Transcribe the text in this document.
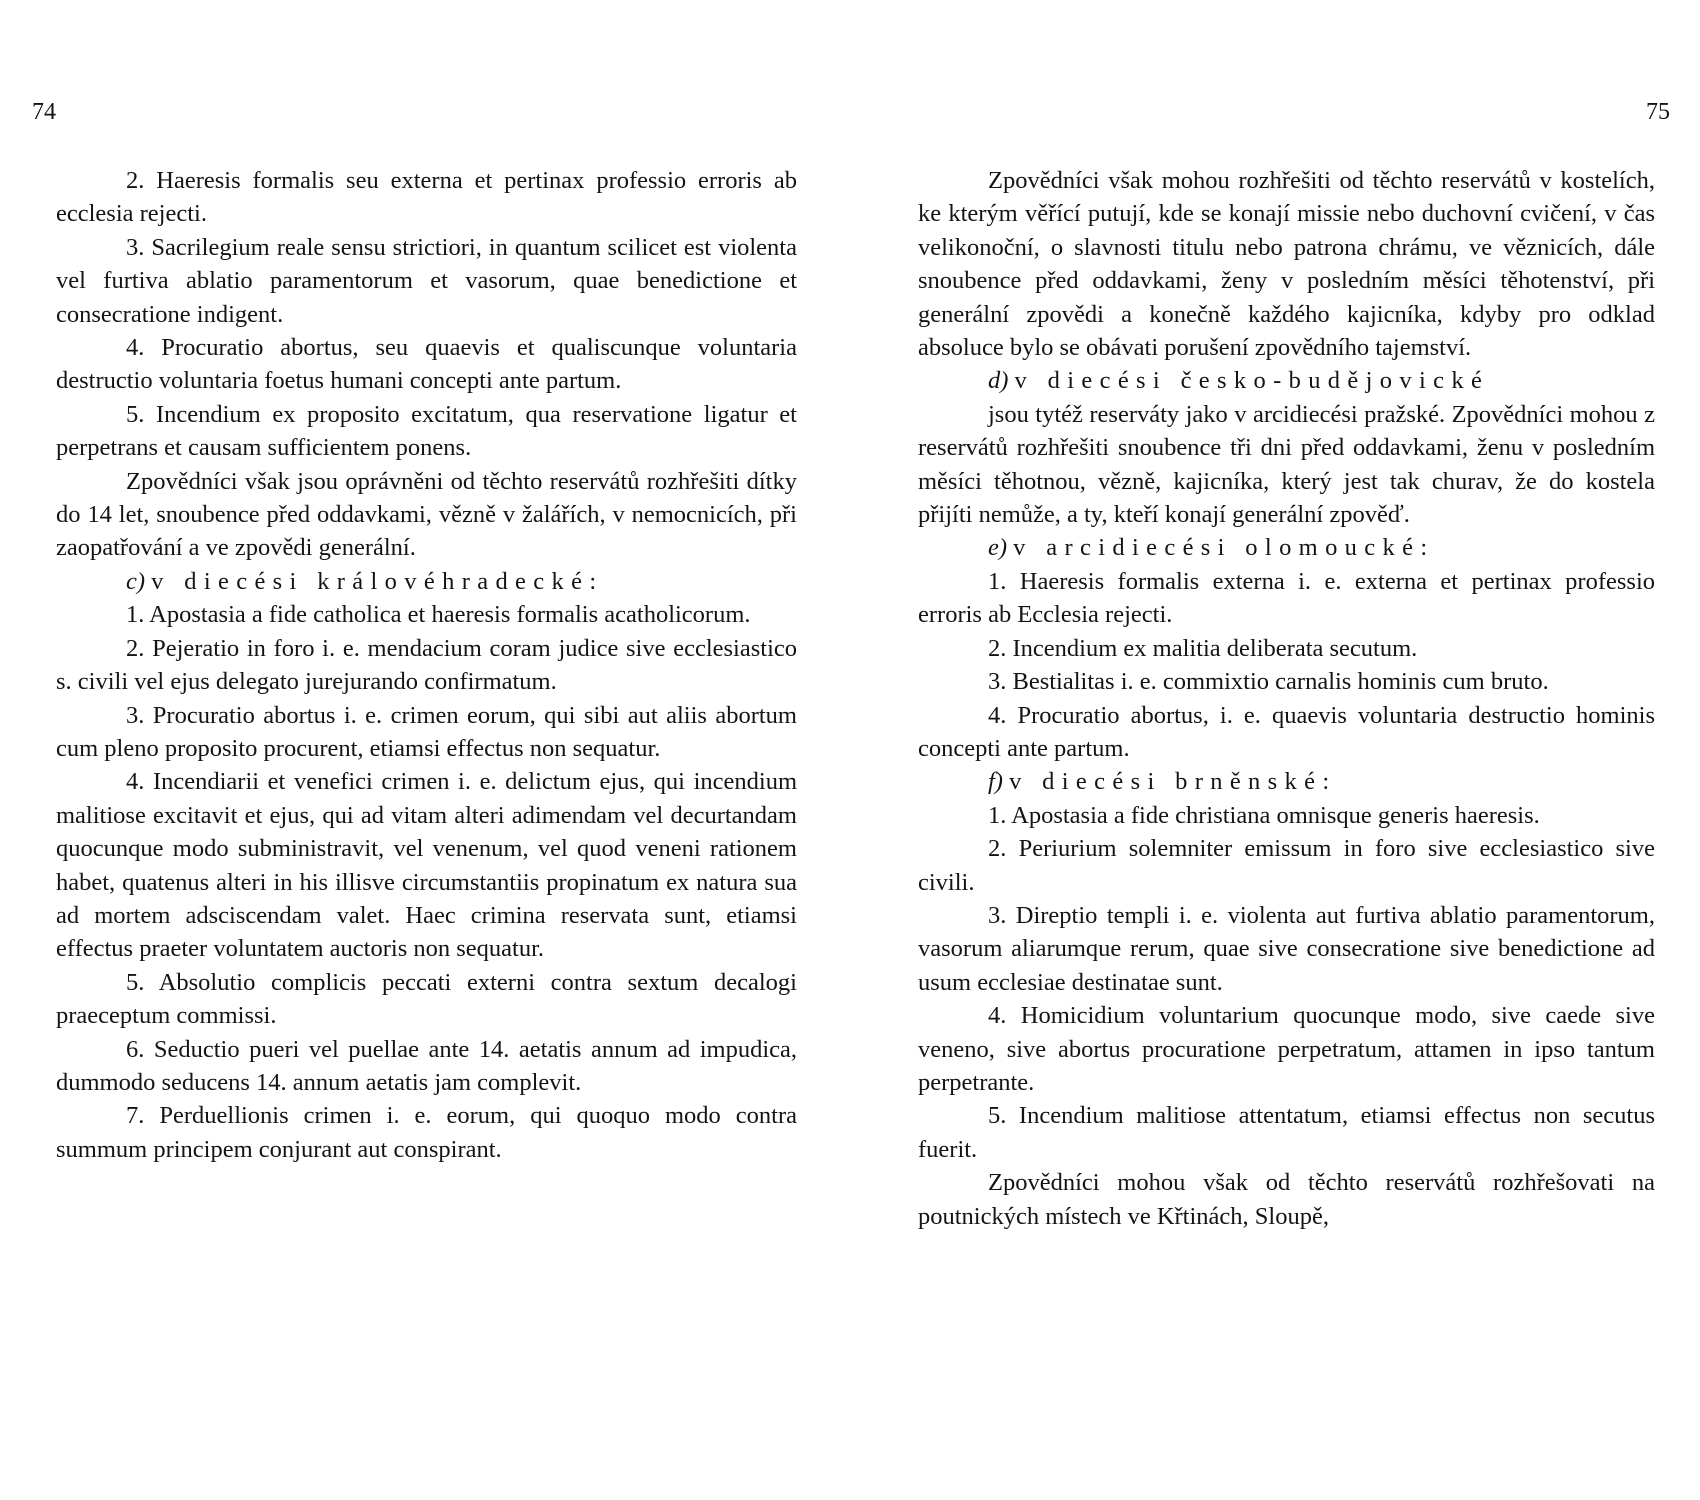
74

2. Haeresis formalis seu externa et pertinax professio erroris ab ecclesia rejecti.

3. Sacrilegium reale sensu strictiori, in quantum scilicet est violenta vel furtiva ablatio paramentorum et vasorum, quae benedictione et consecratione indigent.

4. Procuratio abortus, seu quaevis et qualiscunque voluntaria destructio voluntaria foetus humani concepti ante partum.

5. Incendium ex proposito excitatum, qua reservatione ligatur et perpetrans et causam sufficientem ponens.

Zpovědníci však jsou oprávněni od těchto reservátů rozhřešiti dítky do 14 let, snoubence před oddavkami, vězně v žalářích, v nemocnicích, při zaopatřování a ve zpovědi generální.

c) v diecési královéhradecké:

1. Apostasia a fide catholica et haeresis formalis acatholicorum.

2. Pejeratio in foro i. e. mendacium coram judice sive ecclesiastico s. civili vel ejus delegato jurejurando confirmatum.

3. Procuratio abortus i. e. crimen eorum, qui sibi aut aliis abortum cum pleno proposito procurent, etiamsi effectus non sequatur.

4. Incendiarii et venefici crimen i. e. delictum ejus, qui incendium malitiose excitavit et ejus, qui ad vitam alteri adimendam vel decurtandam quocunque modo subministravit, vel venenum, vel quod veneni rationem habet, quatenus alteri in his illisve circumstantiis propinatum ex natura sua ad mortem adsciscendam valet. Haec crimina reservata sunt, etiamsi effectus praeter voluntatem auctoris non sequatur.

5. Absolutio complicis peccati externi contra sextum decalogi praeceptum commissi.

6. Seductio pueri vel puellae ante 14. aetatis annum ad impudica, dummodo seducens 14. annum aetatis jam complevit.

7. Perduellionis crimen i. e. eorum, qui quoquo modo contra summum principem conjurant aut conspirant.

75

Zpovědníci však mohou rozhřešiti od těchto reservátů v kostelích, ke kterým věřící putují, kde se konají missie nebo duchovní cvičení, v čas velikonoční, o slavnosti titulu nebo patrona chrámu, ve věznicích, dále snoubence před oddavkami, ženy v posledním měsíci těhotenství, při generální zpovědi a konečně každého kajicníka, kdyby pro odklad absoluce bylo se obávati porušení zpovědního tajemství.

d) v diecési česko-budějovické

jsou tytéž reserváty jako v arcidiecési pražské. Zpovědníci mohou z reservátů rozhřešiti snoubence tři dni před oddavkami, ženu v posledním měsíci těhotnou, vězně, kajicníka, který jest tak churav, že do kostela přijíti nemůže, a ty, kteří konají generální zpověď.

e) v arcidiecési olomoucké:

1. Haeresis formalis externa i. e. externa et pertinax professio erroris ab Ecclesia rejecti.

2. Incendium ex malitia deliberata secutum.

3. Bestialitas i. e. commixtio carnalis hominis cum bruto.

4. Procuratio abortus, i. e. quaevis voluntaria destructio hominis concepti ante partum.

f) v diecési brněnské:

1. Apostasia a fide christiana omnisque generis haeresis.

2. Periurium solemniter emissum in foro sive ecclesiastico sive civili.

3. Direptio templi i. e. violenta aut furtiva ablatio paramentorum, vasorum aliarumque rerum, quae sive consecratione sive benedictione ad usum ecclesiae destinatae sunt.

4. Homicidium voluntarium quocunque modo, sive caede sive veneno, sive abortus procuratione perpetratum, attamen in ipso tantum perpetrante.

5. Incendium malitiose attentatum, etiamsi effectus non secutus fuerit.

Zpovědníci mohou však od těchto reservátů rozhřešovati na poutnických místech ve Křtinách, Sloupě,
